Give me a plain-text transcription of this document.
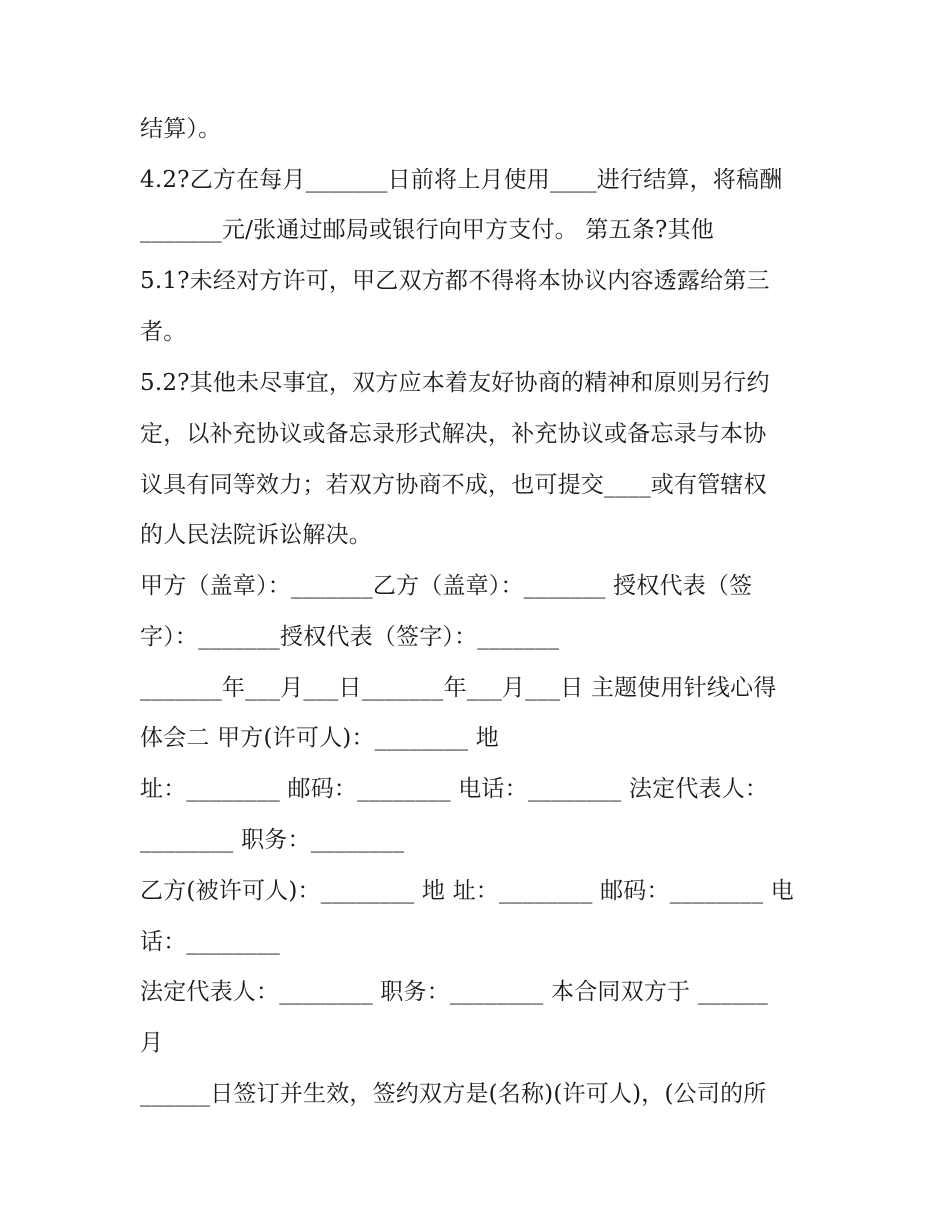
结算）。

4.2?乙方在每月_______日前将上月使用____进行结算，将稿酬

_______元/张通过邮局或银行向甲方支付。 第五条?其他

5.1?未经对方许可，甲乙双方都不得将本协议内容透露给第三

者。

5.2?其他未尽事宜，双方应本着友好协商的精神和原则另行约

定，以补充协议或备忘录形式解决，补充协议或备忘录与本协

议具有同等效力；若双方协商不成，也可提交____或有管辖权

的人民法院诉讼解决。

甲方（盖章）：_______乙方（盖章）：_______ 授权代表（签

字）：_______授权代表（签字）：_______

_______年___月___日_______年___月___日 主题使用针线心得

体会二 甲方(许可人)：________ 地

址：________ 邮码：________ 电话：________ 法定代表人：

________ 职务：________

乙方(被许可人)：________ 地 址：________ 邮码：________ 电

话：________

法定代表人：________ 职务：________ 本合同双方于 ______

月

______日签订并生效，签约双方是(名称)(许可人)，(公司的所
